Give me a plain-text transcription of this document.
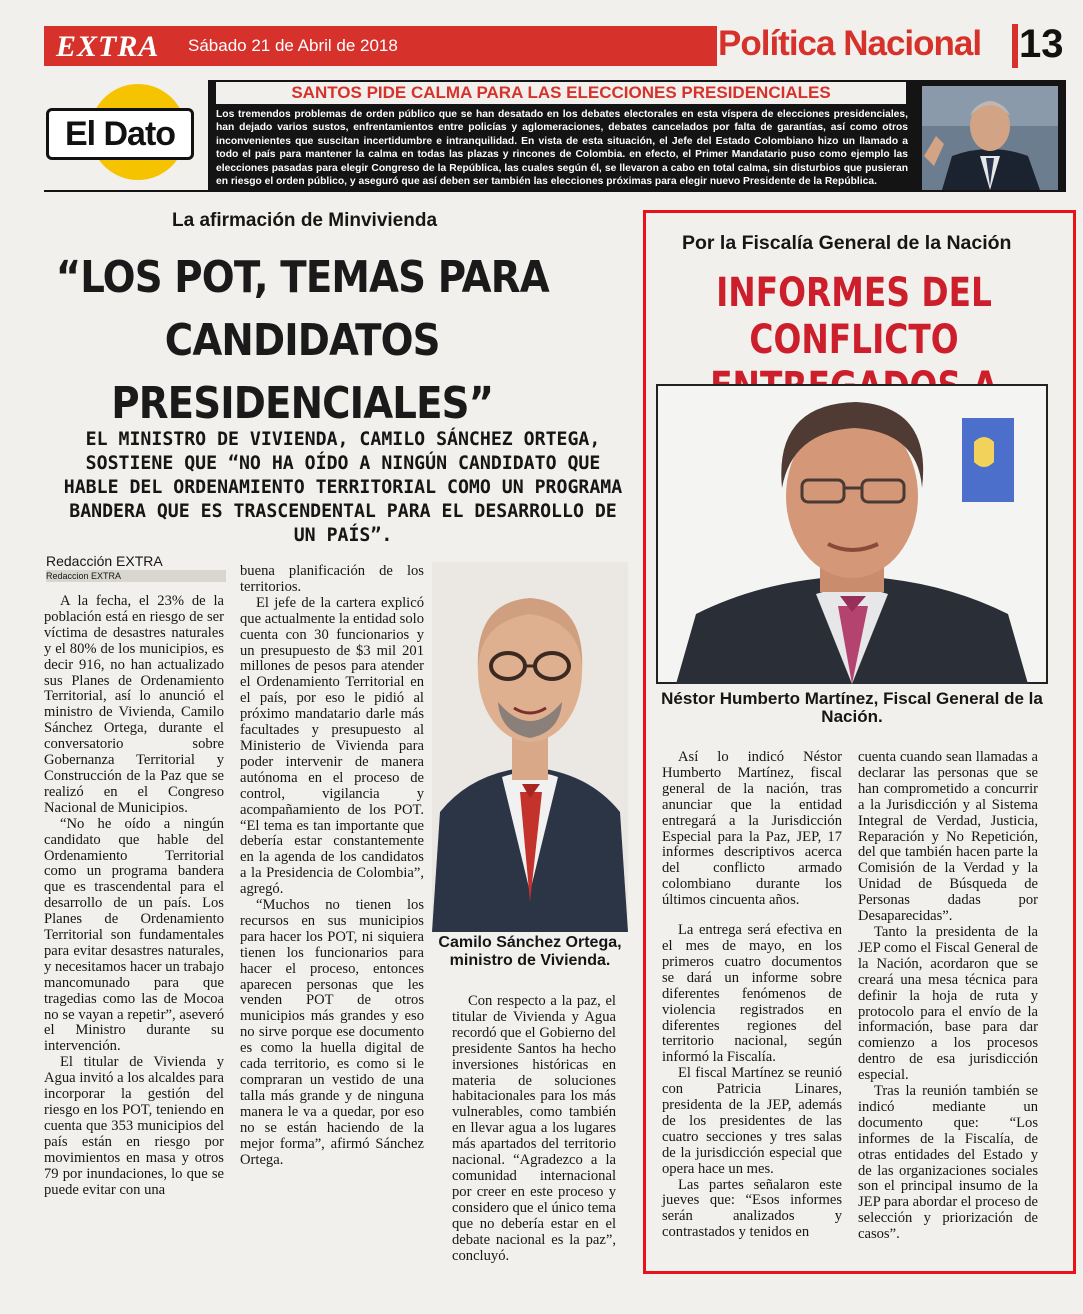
EXTRA Sábado 21 de Abril de 2018	Política Nacional 13
El Dato
SANTOS PIDE CALMA PARA LAS ELECCIONES PRESIDENCIALES
Los tremendos problemas de orden público que se han desatado en los debates electorales en esta víspera de elecciones presidenciales, han dejado varios sustos, enfrentamientos entre policías y aglomeraciones, debates cancelados por falta de garantías, así como otros inconvenientes que suscitan incertidumbre e intranquilidad. En vista de esta situación, el Jefe del Estado Colombiano hizo un llamado a todo el país para mantener la calma en todas las plazas y rincones de Colombia. en efecto, el Primer Mandatario puso como ejemplo las elecciones pasadas para elegir Congreso de la República, las cuales según él, se llevaron a cabo en total calma, sin disturbios que pusieran en riesgo el orden público, y aseguró que así deben ser también las elecciones próximas para elegir nuevo Presidente de la República.
La afirmación de Minvivienda
“LOS POT, TEMAS PARA CANDIDATOS PRESIDENCIALES”
EL MINISTRO DE VIVIENDA, CAMILO SÁNCHEZ ORTEGA, SOSTIENE QUE “NO HA OÍDO A NINGÚN CANDIDATO QUE HABLE DEL ORDENAMIENTO TERRITORIAL COMO UN PROGRAMA BANDERA QUE ES TRASCENDENTAL PARA EL DESARROLLO DE UN PAÍS”.
Redacción EXTRA
Redaccion EXTRA

A la fecha, el 23% de la población está en riesgo de ser víctima de desastres naturales y el 80% de los municipios, es decir 916, no han actualizado sus Planes de Ordenamiento Territorial, así lo anunció el ministro de Vivienda, Camilo Sánchez Ortega, durante el conversatorio sobre Gobernanza Territorial y Construcción de la Paz que se realizó en el Congreso Nacional de Municipios.

“No he oído a ningún candidato que hable del Ordenamiento Territorial como un programa bandera que es trascendental para el desarrollo de un país. Los Planes de Ordenamiento Territorial son fundamentales para evitar desastres naturales, y necesitamos hacer un trabajo mancomunado para que tragedias como las de Mocoa no se vayan a repetir”, aseveró el Ministro durante su intervención.

El titular de Vivienda y Agua invitó a los alcaldes para incorporar la gestión del riesgo en los POT, teniendo en cuenta que 353 municipios del país están en riesgo por movimientos en masa y otros 79 por inundaciones, lo que se puede evitar con una

buena planificación de los territorios.

El jefe de la cartera explicó que actualmente la entidad solo cuenta con 30 funcionarios y un presupuesto de $3 mil 201 millones de pesos para atender el Ordenamiento Territorial en el país, por eso le pidió al próximo mandatario darle más facultades y presupuesto al Ministerio de Vivienda para poder intervenir de manera autónoma en el proceso de control, vigilancia y acompañamiento de los POT. “El tema es tan importante que debería estar constantemente en la agenda de los candidatos a la Presidencia de Colombia”, agregó.

“Muchos no tienen los recursos en sus municipios para hacer los POT, ni siquiera tienen los funcionarios para hacer el proceso, entonces aparecen personas que les venden POT de otros municipios más grandes y eso no sirve porque ese documento es como la huella digital de cada territorio, es como si le compraran un vestido de una talla más grande y de ninguna manera le va a quedar, por eso no se están haciendo de la mejor forma”, afirmó Sánchez Ortega.

Con respecto a la paz, el titular de Vivienda y Agua recordó que el Gobierno del presidente Santos ha hecho inversiones históricas en materia de soluciones habitacionales para los más vulnerables, como también en llevar agua a los lugares más apartados del territorio nacional. “Agradezco a la comunidad internacional por creer en este proceso y considero que el único tema que no debería estar en el debate nacional es la paz”, concluyó.

Camilo Sánchez Ortega, ministro de Vivienda.
Por la Fiscalía General de la Nación
INFORMES DEL CONFLICTO
Néstor Humberto Martínez, Fiscal General de la Nación.

Así lo indicó Néstor Humberto Martínez, fiscal general de la nación, tras anunciar que la entidad entregará a la Jurisdicción Especial para la Paz, JEP, 17 informes descriptivos acerca del conflicto armado colombiano durante los últimos cincuenta años.

La entrega será efectiva en el mes de mayo, en los primeros cuatro documentos se dará un informe sobre diferentes fenómenos de violencia registrados en diferentes regiones del territorio nacional, según informó la Fiscalía.

El fiscal Martínez se reunió con Patricia Linares, presidenta de la JEP, además de los presidentes de las cuatro secciones y tres salas de la jurisdicción especial que opera hace un mes.

Las partes señalaron este jueves que: “Esos informes serán analizados y contrastados y tenidos en

cuenta cuando sean llamadas a declarar las personas que se han comprometido a concurrir a la Jurisdicción y al Sistema Integral de Verdad, Justicia, Reparación y No Repetición, del que también hacen parte la Comisión de la Verdad y la Unidad de Búsqueda de Personas dadas por Desaparecidas”.

Tanto la presidenta de la JEP como el Fiscal General de la Nación, acordaron que se creará una mesa técnica para definir la hoja de ruta y protocolo para el envío de la información, base para dar comienzo a los procesos dentro de esa jurisdicción especial.

Tras la reunión también se indicó mediante un documento que: “Los informes de la Fiscalía, de otras entidades del Estado y de las organizaciones sociales son el principal insumo de la JEP para abordar el proceso de selección y priorización de casos”.
